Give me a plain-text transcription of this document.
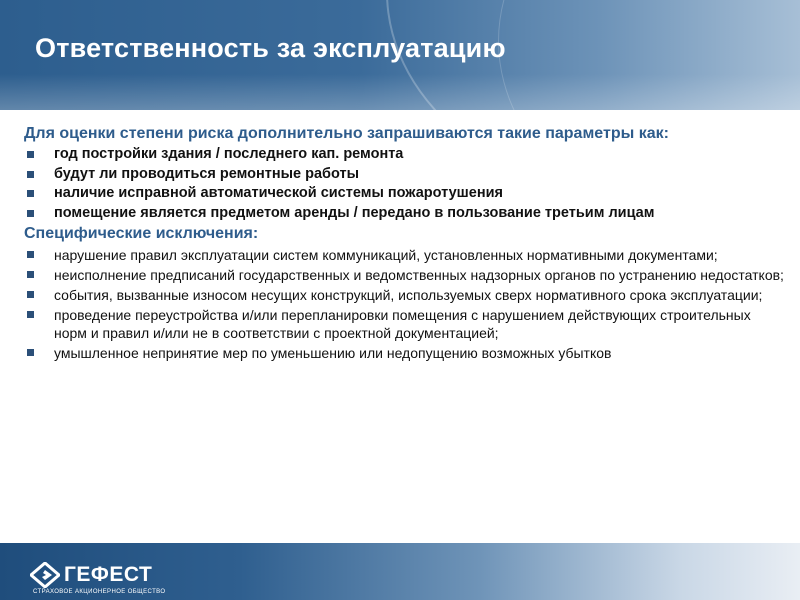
Ответственность за эксплуатацию
Для оценки степени риска дополнительно запрашиваются такие параметры как:
год постройки здания / последнего кап. ремонта
будут ли проводиться ремонтные работы
наличие исправной автоматической системы пожаротушения
помещение является предметом аренды / передано в пользование третьим лицам
Специфические исключения:
нарушение правил эксплуатации систем коммуникаций, установленных нормативными документами;
неисполнение предписаний государственных и ведомственных надзорных органов по устранению недостатков;
события, вызванные износом несущих конструкций, используемых сверх нормативного срока эксплуатации;
проведение переустройства и/или перепланировки помещения с нарушением действующих строительных норм и правил и/или не в соответствии с проектной документацией;
умышленное непринятие мер по уменьшению или недопущению возможных убытков
ГЕФЕСТ
СТРАХОВОЕ АКЦИОНЕРНОЕ ОБЩЕСТВО
